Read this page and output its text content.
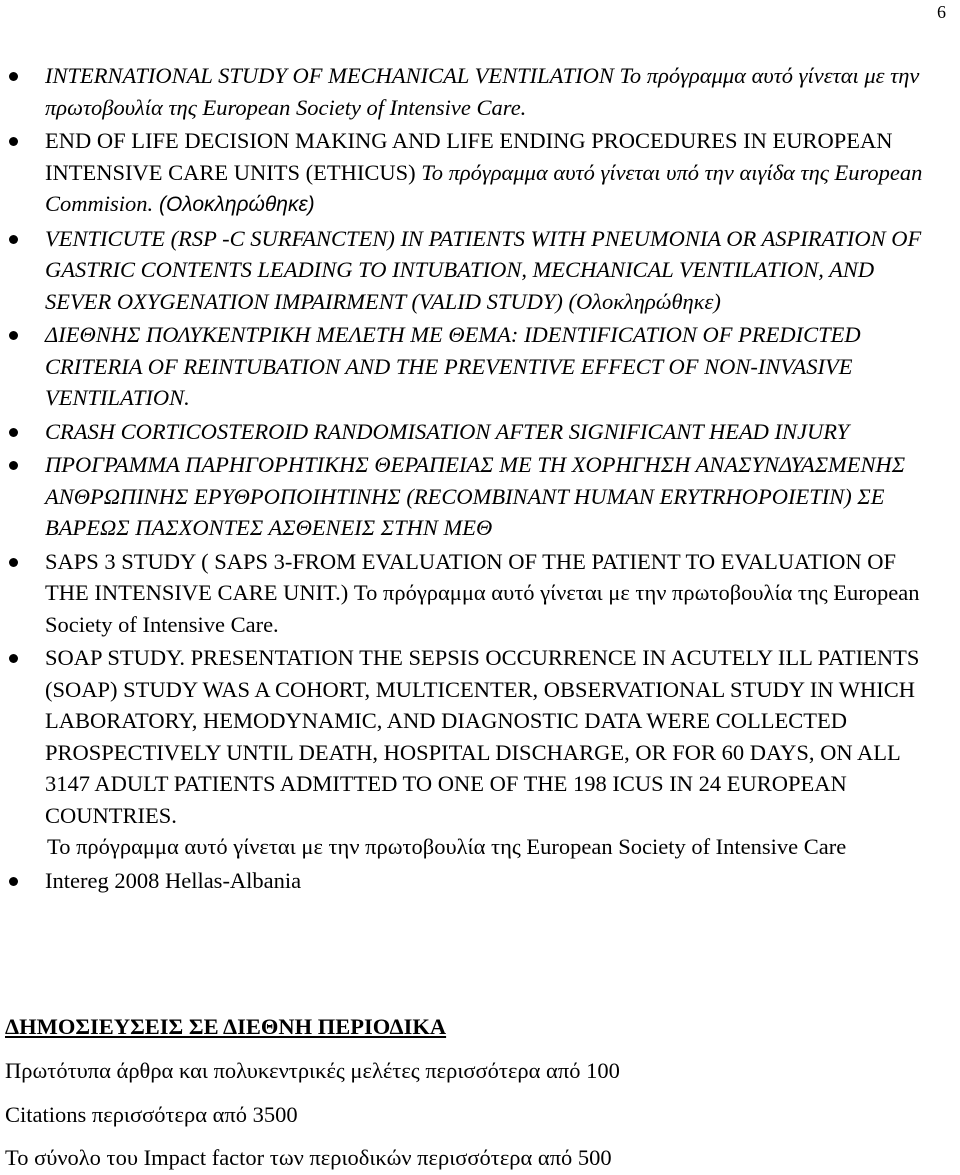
6
INTERNATIONAL STUDY OF MECHANICAL VENTILATION Το πρόγραμμα αυτό γίνεται με την πρωτοβουλία της European Society of Intensive Care.
END OF LIFE DECISION MAKING AND LIFE ENDING PROCEDURES IN EUROPEAN INTENSIVE CARE UNITS (ETHICUS) Το πρόγραμμα αυτό γίνεται υπό την αιγίδα της European Commision. (Ολοκληρώθηκε)
VENTICUTE (RSP -C SURFANCTEN) IN PATIENTS WITH PNEUMONIA OR ASPIRATION OF GASTRIC CONTENTS LEADING TO INTUBATION, MECHANICAL VENTILATION, AND SEVER OXYGENATION IMPAIRMENT (VALID STUDY) (Ολοκληρώθηκε)
ΔΙΕΘΝΗΣ ΠΟΛΥΚΕΝΤΡΙΚΗ ΜΕΛΕΤΗ ΜΕ ΘΕΜΑ: IDENTIFICATION OF PREDICTED CRITERIA OF REINTUBATION AND THE PREVENTIVE EFFECT OF NON-INVASIVE VENTILATION.
CRASH CORTICOSTEROID RANDOMISATION AFTER SIGNIFICANT HEAD INJURY
ΠΡΟΓΡΑΜΜΑ ΠΑΡΗΓΟΡΗΤΙΚΗΣ ΘΕΡΑΠΕΙΑΣ ΜΕ ΤΗ ΧΟΡΗΓΗΣΗ ΑΝΑΣΥΝΔΥΑΣΜΕΝΗΣ ΑΝΘΡΩΠΙΝΗΣ ΕΡΥΘΡΟΠΟΙΗΤΙΝΗΣ (RECOMBINANT HUMAN ERYTRHOPOIETIN) ΣΕ ΒΑΡΕΩΣ ΠΑΣΧΟΝΤΕΣ ΑΣΘΕΝΕΙΣ ΣΤΗΝ ΜΕΘ
SAPS 3 STUDY ( SAPS 3-FROM EVALUATION OF THE PATIENT TO EVALUATION OF THE INTENSIVE CARE UNIT.) Το πρόγραμμα αυτό γίνεται με την πρωτοβουλία της European Society of Intensive Care.
SOAP STUDY. PRESENTATION THE SEPSIS OCCURRENCE IN ACUTELY ILL PATIENTS (SOAP) STUDY WAS A COHORT, MULTICENTER, OBSERVATIONAL STUDY IN WHICH LABORATORY, HEMODYNAMIC, AND DIAGNOSTIC DATA WERE COLLECTED PROSPECTIVELY UNTIL DEATH, HOSPITAL DISCHARGE, OR FOR 60 DAYS, ON ALL 3147 ADULT PATIENTS ADMITTED TO ONE OF THE 198 ICUS IN 24 EUROPEAN COUNTRIES.
Το πρόγραμμα αυτό γίνεται με την πρωτοβουλία της European Society of Intensive Care
Intereg 2008 Hellas-Albania
ΔΗΜΟΣΙΕΥΣΕΙΣ ΣΕ ΔΙΕΘΝΗ ΠΕΡΙΟΔΙΚΑ

Πρωτότυπα άρθρα και πολυκεντρικές μελέτες περισσότερα από 100

Citations περισσότερα από 3500

Το σύνολο του Impact factor των περιοδικών περισσότερα από 500
